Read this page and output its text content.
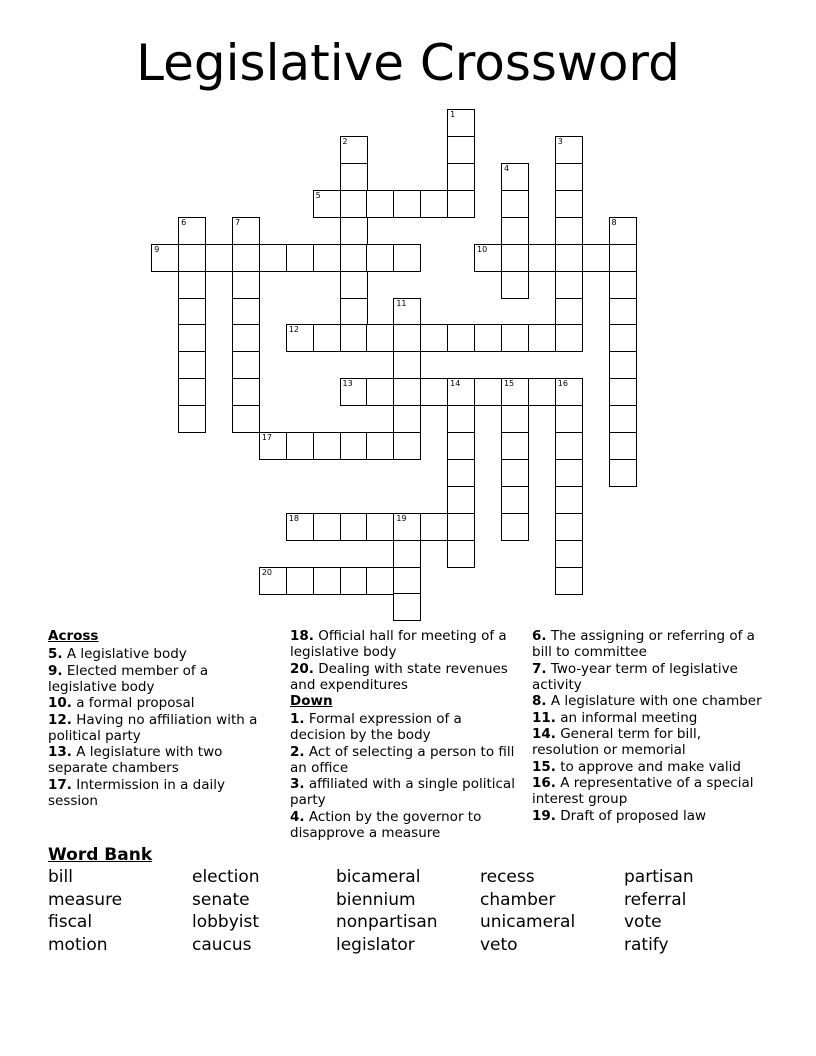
Legislative Crossword
1
2	3
4
5
6	7	8
9	10
11
12
13	14	15	16
17
18	19
20
Across
5. A legislative body
9. Elected member of a legislative body
10. a formal proposal
12. Having no affiliation with a political party
13. A legislature with two separate chambers
17. Intermission in a daily session
18. Official hall for meeting of a legislative body
20. Dealing with state revenues and expenditures
Down
1. Formal expression of a decision by the body
2. Act of selecting a person to fill an office
3. affiliated with a single political party
4. Action by the governor to disapprove a measure
6. The assigning or referring of a bill to committee
7. Two-year term of legislative activity
8. A legislature with one chamber
11. an informal meeting
14. General term for bill, resolution or memorial
15. to approve and make valid
16. A representative of a special interest group
19. Draft of proposed law
Word Bank
bill	election	bicameral	recess	partisan
measure	senate	biennium	chamber	referral
fiscal	lobbyist	nonpartisan	unicameral	vote
motion	caucus	legislator	veto	ratify
